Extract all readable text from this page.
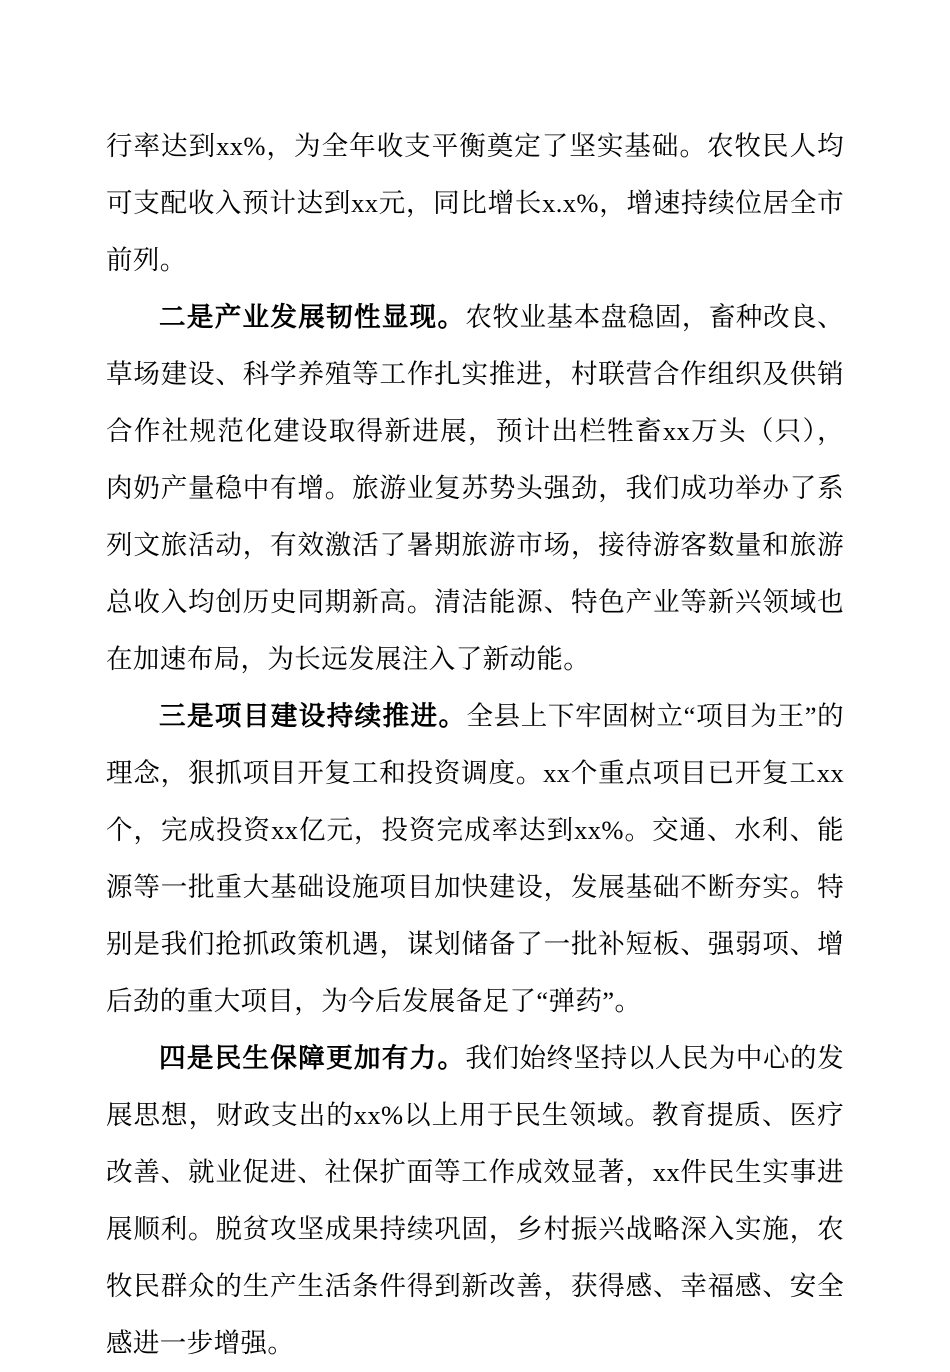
行率达到xx%，为全年收支平衡奠定了坚实基础。农牧民人均可支配收入预计达到xx元，同比增长x.x%，增速持续位居全市前列。

二是产业发展韧性显现。农牧业基本盘稳固，畜种改良、草场建设、科学养殖等工作扎实推进，村联营合作组织及供销合作社规范化建设取得新进展，预计出栏牲畜xx万头（只），肉奶产量稳中有增。旅游业复苏势头强劲，我们成功举办了系列文旅活动，有效激活了暑期旅游市场，接待游客数量和旅游总收入均创历史同期新高。清洁能源、特色产业等新兴领域也在加速布局，为长远发展注入了新动能。

三是项目建设持续推进。全县上下牢固树立“项目为王”的理念，狠抓项目开复工和投资调度。xx个重点项目已开复工xx个，完成投资xx亿元，投资完成率达到xx%。交通、水利、能源等一批重大基础设施项目加快建设，发展基础不断夯实。特别是我们抢抓政策机遇，谋划储备了一批补短板、强弱项、增后劲的重大项目，为今后发展备足了“弹药”。

四是民生保障更加有力。我们始终坚持以人民为中心的发展思想，财政支出的xx%以上用于民生领域。教育提质、医疗改善、就业促进、社保扩面等工作成效显著，xx件民生实事进展顺利。脱贫攻坚成果持续巩固，乡村振兴战略深入实施，农牧民群众的生产生活条件得到新改善，获得感、幸福感、安全感进一步增强。
